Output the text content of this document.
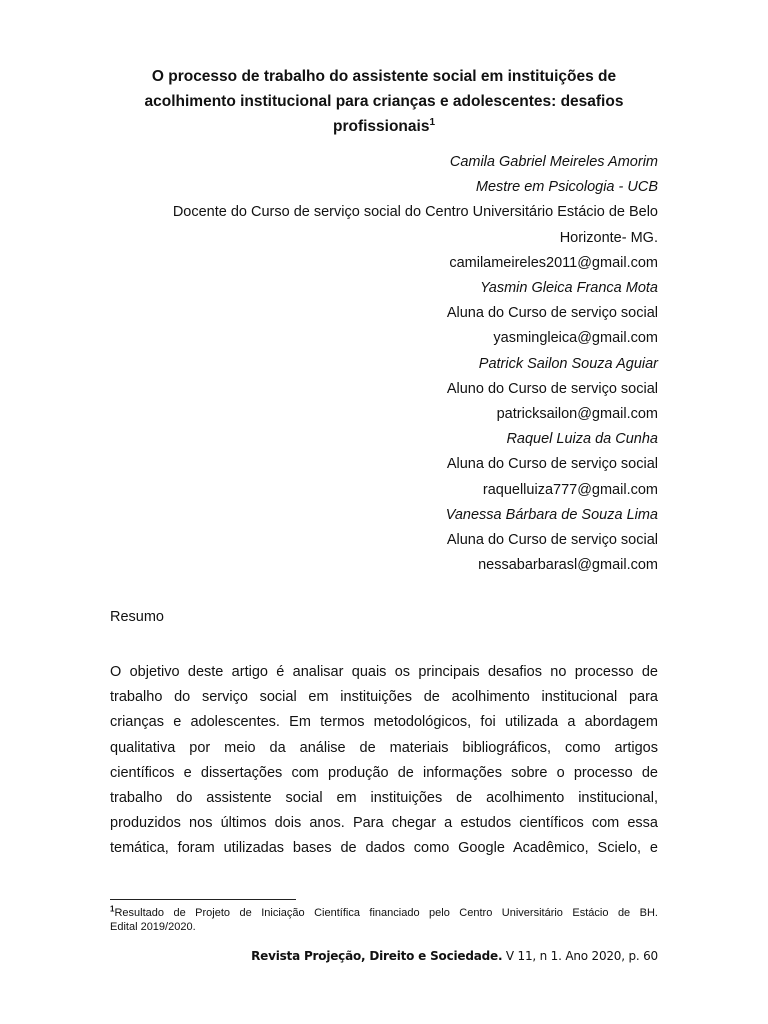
O processo de trabalho do assistente social em instituições de
acolhimento institucional para crianças e adolescentes: desafios
profissionais$^1$
Camila Gabriel Meireles Amorim
Mestre em Psicologia - UCB
Docente do Curso de serviço social do Centro Universitário Estácio de Belo
Horizonte- MG.
camilameireles2011@gmail.com
Yasmin Gleica Franca Mota
Aluna do Curso de serviço social
yasmingleica@gmail.com
Patrick Sailon Souza Aguiar
Aluno do Curso de serviço social
patricksailon@gmail.com
Raquel Luiza da Cunha
Aluna do Curso de serviço social
raquelluiza777@gmail.com
Vanessa Bárbara de Souza Lima
Aluna do Curso de serviço social
nessabarbarasl@gmail.com
Resumo
O objetivo deste artigo é analisar quais os principais desafios no processo de
trabalho do serviço social em instituições de acolhimento institucional para
crianças e adolescentes. Em termos metodológicos, foi utilizada a abordagem
qualitativa por meio da análise de materiais bibliográficos, como artigos
científicos e dissertações com produção de informações sobre o processo de
trabalho do assistente social em instituições de acolhimento institucional,
produzidos nos últimos dois anos. Para chegar a estudos científicos com essa
temática, foram utilizadas bases de dados como Google Acadêmico, Scielo, e
$^1$Resultado de Projeto de Iniciação Científica financiado pelo Centro Universitário Estácio de BH.
Edital 2019/2020.
Revista Projeção, Direito e Sociedade. V 11, n 1. Ano 2020, p. 60
